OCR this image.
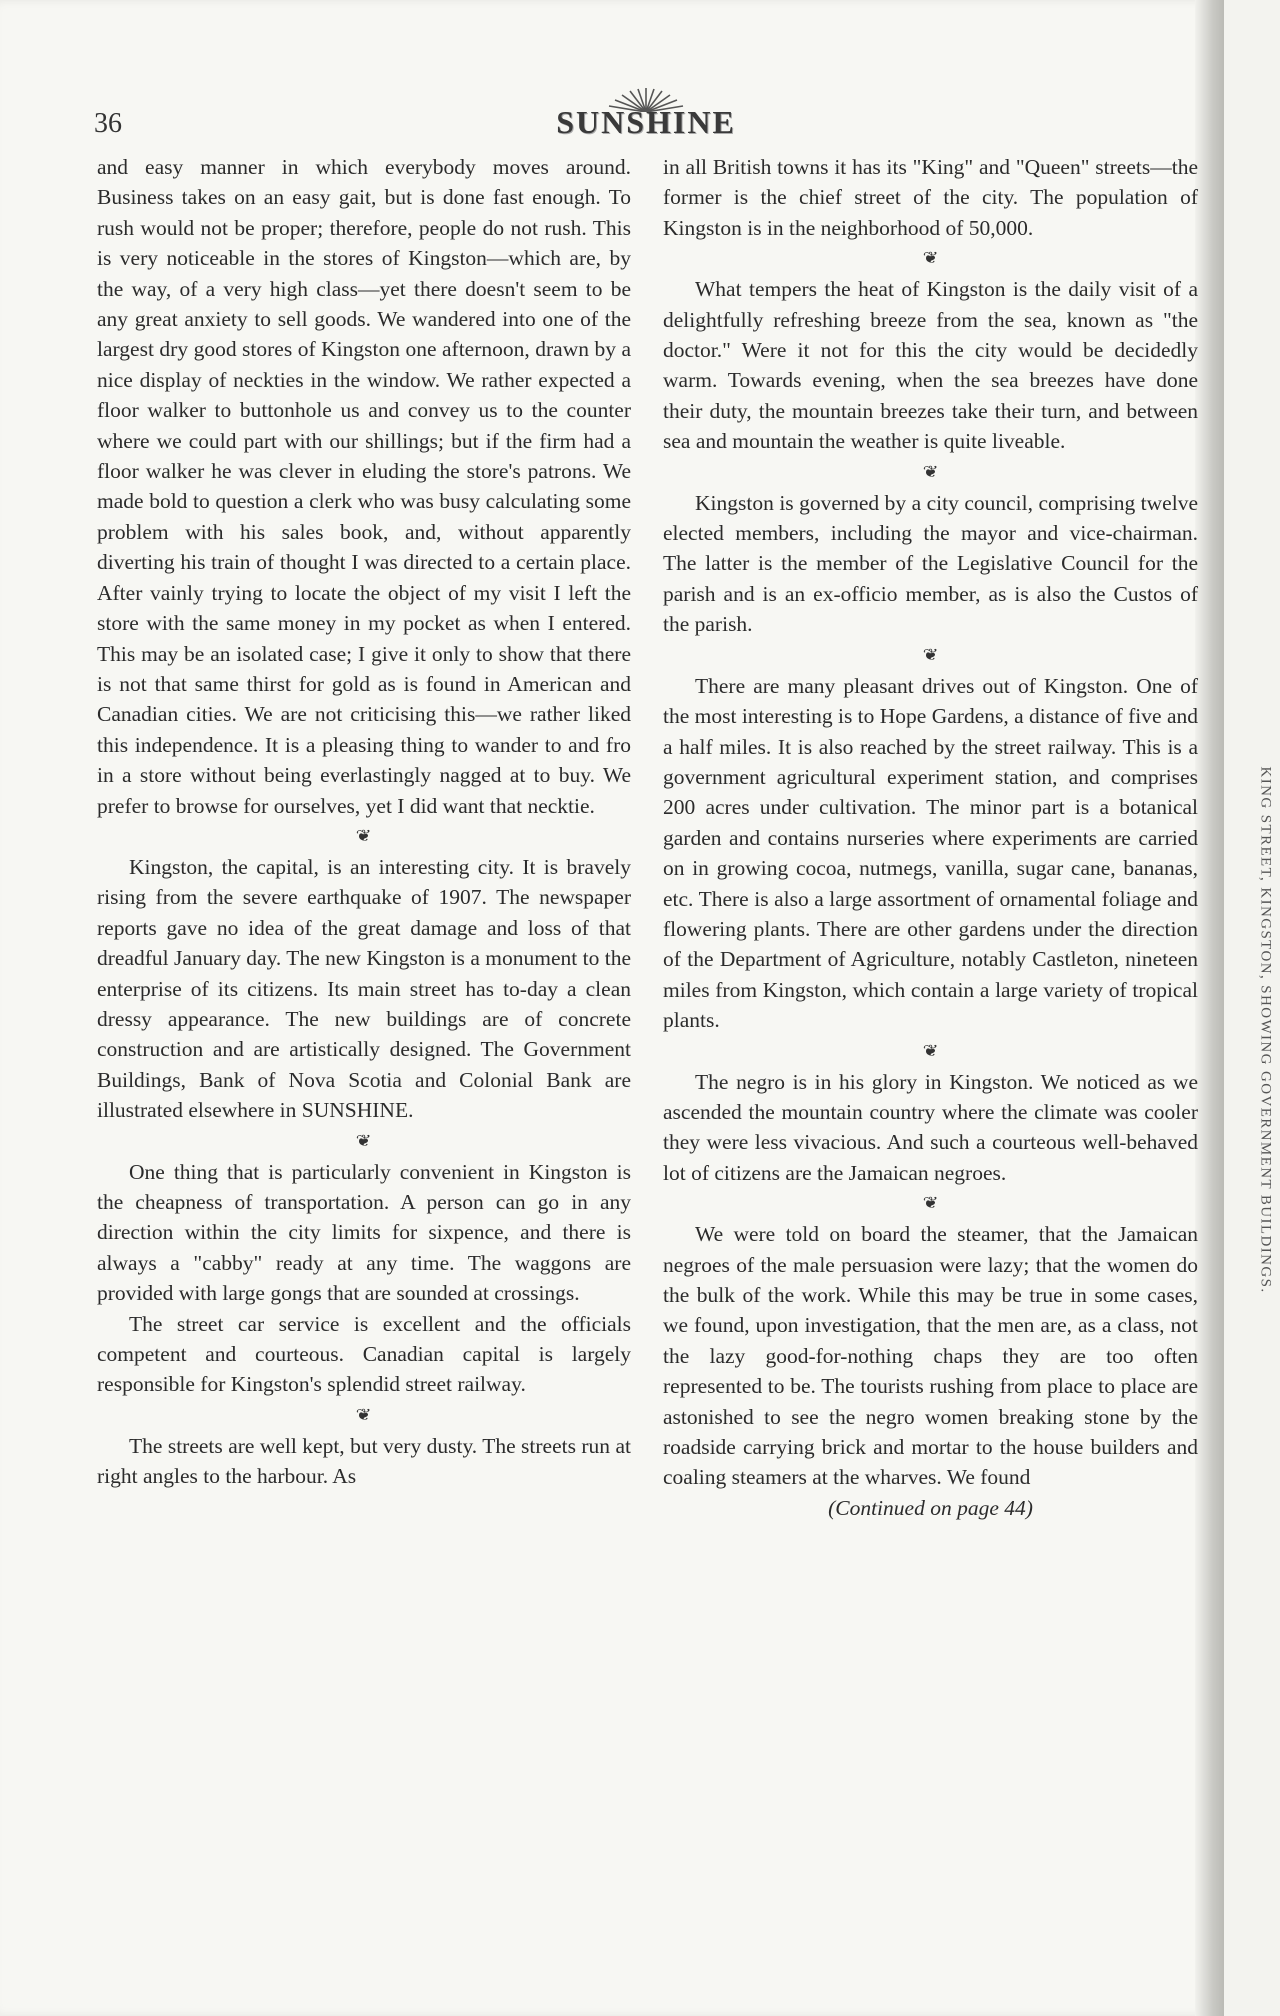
36	SUNSHINE

and easy manner in which everybody moves around. Business takes on an easy gait, but is done fast enough. To rush would not be proper; therefore, people do not rush. This is very noticeable in the stores of Kingston—which are, by the way, of a very high class—yet there doesn't seem to be any great anxiety to sell goods. We wandered into one of the largest dry good stores of Kingston one afternoon, drawn by a nice display of neckties in the window. We rather expected a floor walker to buttonhole us and convey us to the counter where we could part with our shillings; but if the firm had a floor walker he was clever in eluding the store's patrons. We made bold to question a clerk who was busy calculating some problem with his sales book, and, without apparently diverting his train of thought I was directed to a certain place. After vainly trying to locate the object of my visit I left the store with the same money in my pocket as when I entered. This may be an isolated case; I give it only to show that there is not that same thirst for gold as is found in American and Canadian cities. We are not criticising this—we rather liked this independence. It is a pleasing thing to wander to and fro in a store without being everlastingly nagged at to buy. We prefer to browse for ourselves, yet I did want that necktie.

❦

Kingston, the capital, is an interesting city. It is bravely rising from the severe earthquake of 1907. The newspaper reports gave no idea of the great damage and loss of that dreadful January day. The new Kingston is a monument to the enterprise of its citizens. Its main street has to-day a clean dressy appearance. The new buildings are of concrete construction and are artistically designed. The Government Buildings, Bank of Nova Scotia and Colonial Bank are illustrated elsewhere in SUNSHINE.

❦

One thing that is particularly convenient in Kingston is the cheapness of transportation. A person can go in any direction within the city limits for sixpence, and there is always a "cabby" ready at any time. The waggons are provided with large gongs that are sounded at crossings.

The street car service is excellent and the officials competent and courteous. Canadian capital is largely responsible for Kingston's splendid street railway.

❦

The streets are well kept, but very dusty. The streets run at right angles to the harbour. As

in all British towns it has its "King" and "Queen" streets—the former is the chief street of the city. The population of Kingston is in the neighborhood of 50,000.

❦

What tempers the heat of Kingston is the daily visit of a delightfully refreshing breeze from the sea, known as "the doctor." Were it not for this the city would be decidedly warm. Towards evening, when the sea breezes have done their duty, the mountain breezes take their turn, and between sea and mountain the weather is quite liveable.

❦

Kingston is governed by a city council, comprising twelve elected members, including the mayor and vice-chairman. The latter is the member of the Legislative Council for the parish and is an ex-officio member, as is also the Custos of the parish.

❦

There are many pleasant drives out of Kingston. One of the most interesting is to Hope Gardens, a distance of five and a half miles. It is also reached by the street railway. This is a government agricultural experiment station, and comprises 200 acres under cultivation. The minor part is a botanical garden and contains nurseries where experiments are carried on in growing cocoa, nutmegs, vanilla, sugar cane, bananas, etc. There is also a large assortment of ornamental foliage and flowering plants. There are other gardens under the direction of the Department of Agriculture, notably Castleton, nineteen miles from Kingston, which contain a large variety of tropical plants.

❦

The negro is in his glory in Kingston. We noticed as we ascended the mountain country where the climate was cooler they were less vivacious. And such a courteous well-behaved lot of citizens are the Jamaican negroes.

❦

We were told on board the steamer, that the Jamaican negroes of the male persuasion were lazy; that the women do the bulk of the work. While this may be true in some cases, we found, upon investigation, that the men are, as a class, not the lazy good-for-nothing chaps they are too often represented to be. The tourists rushing from place to place are astonished to see the negro women breaking stone by the roadside carrying brick and mortar to the house builders and coaling steamers at the wharves. We found

(Continued on page 44)

KING STREET, KINGSTON, SHOWING GOVERNMENT BUILDINGS.
